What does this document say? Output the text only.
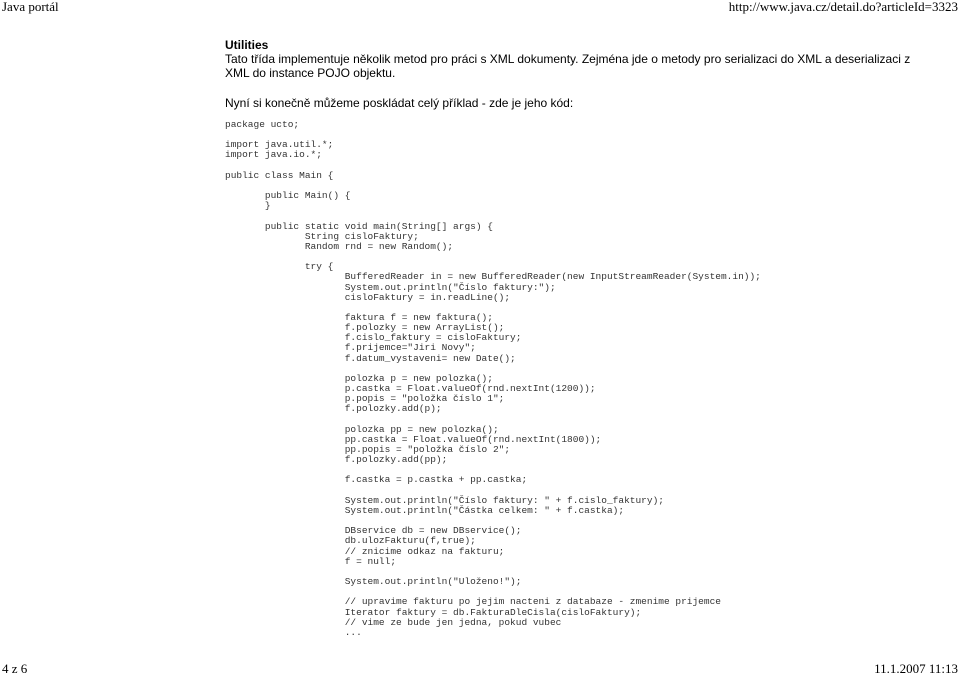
Java portál	http://www.java.cz/detail.do?articleId=3323
Utilities
Tato třída implementuje několik metod pro práci s XML dokumenty. Zejména jde o metody pro serializaci do XML a deserializaci z XML do instance POJO objektu.
Nyní si konečně můžeme poskládat celý příklad - zde je jeho kód:
package ucto;

import java.util.*;
import java.io.*;

public class Main {

public Main() {
}

public static void main(String[] args) {
String cisloFaktury;
Random rnd = new Random();

try {
BufferedReader in = new BufferedReader(new InputStreamReader(System.in));
System.out.println("Číslo faktury:");
cisloFaktury = in.readLine();

faktura f = new faktura();
f.polozky = new ArrayList();
f.cislo_faktury = cisloFaktury;
f.prijemce="Jiri Novy";
f.datum_vystaveni= new Date();

polozka p = new polozka();
p.castka = Float.valueOf(rnd.nextInt(1200));
p.popis = "položka číslo 1";
f.polozky.add(p);

polozka pp = new polozka();
pp.castka = Float.valueOf(rnd.nextInt(1800));
pp.popis = "položka číslo 2";
f.polozky.add(pp);

f.castka = p.castka + pp.castka;

System.out.println("Číslo faktury: " + f.cislo_faktury);
System.out.println("Částka celkem: " + f.castka);

DBservice db = new DBservice();
db.ulozFakturu(f,true);
// znicime odkaz na fakturu;
f = null;

System.out.println("Uloženo!");

// upravime fakturu po jejim nacteni z databaze - zmenime prijemce
Iterator faktury = db.FakturaDleCisla(cisloFaktury);
// vime ze bude jen jedna, pokud vubec
...
4 z 6	11.1.2007 11:13
